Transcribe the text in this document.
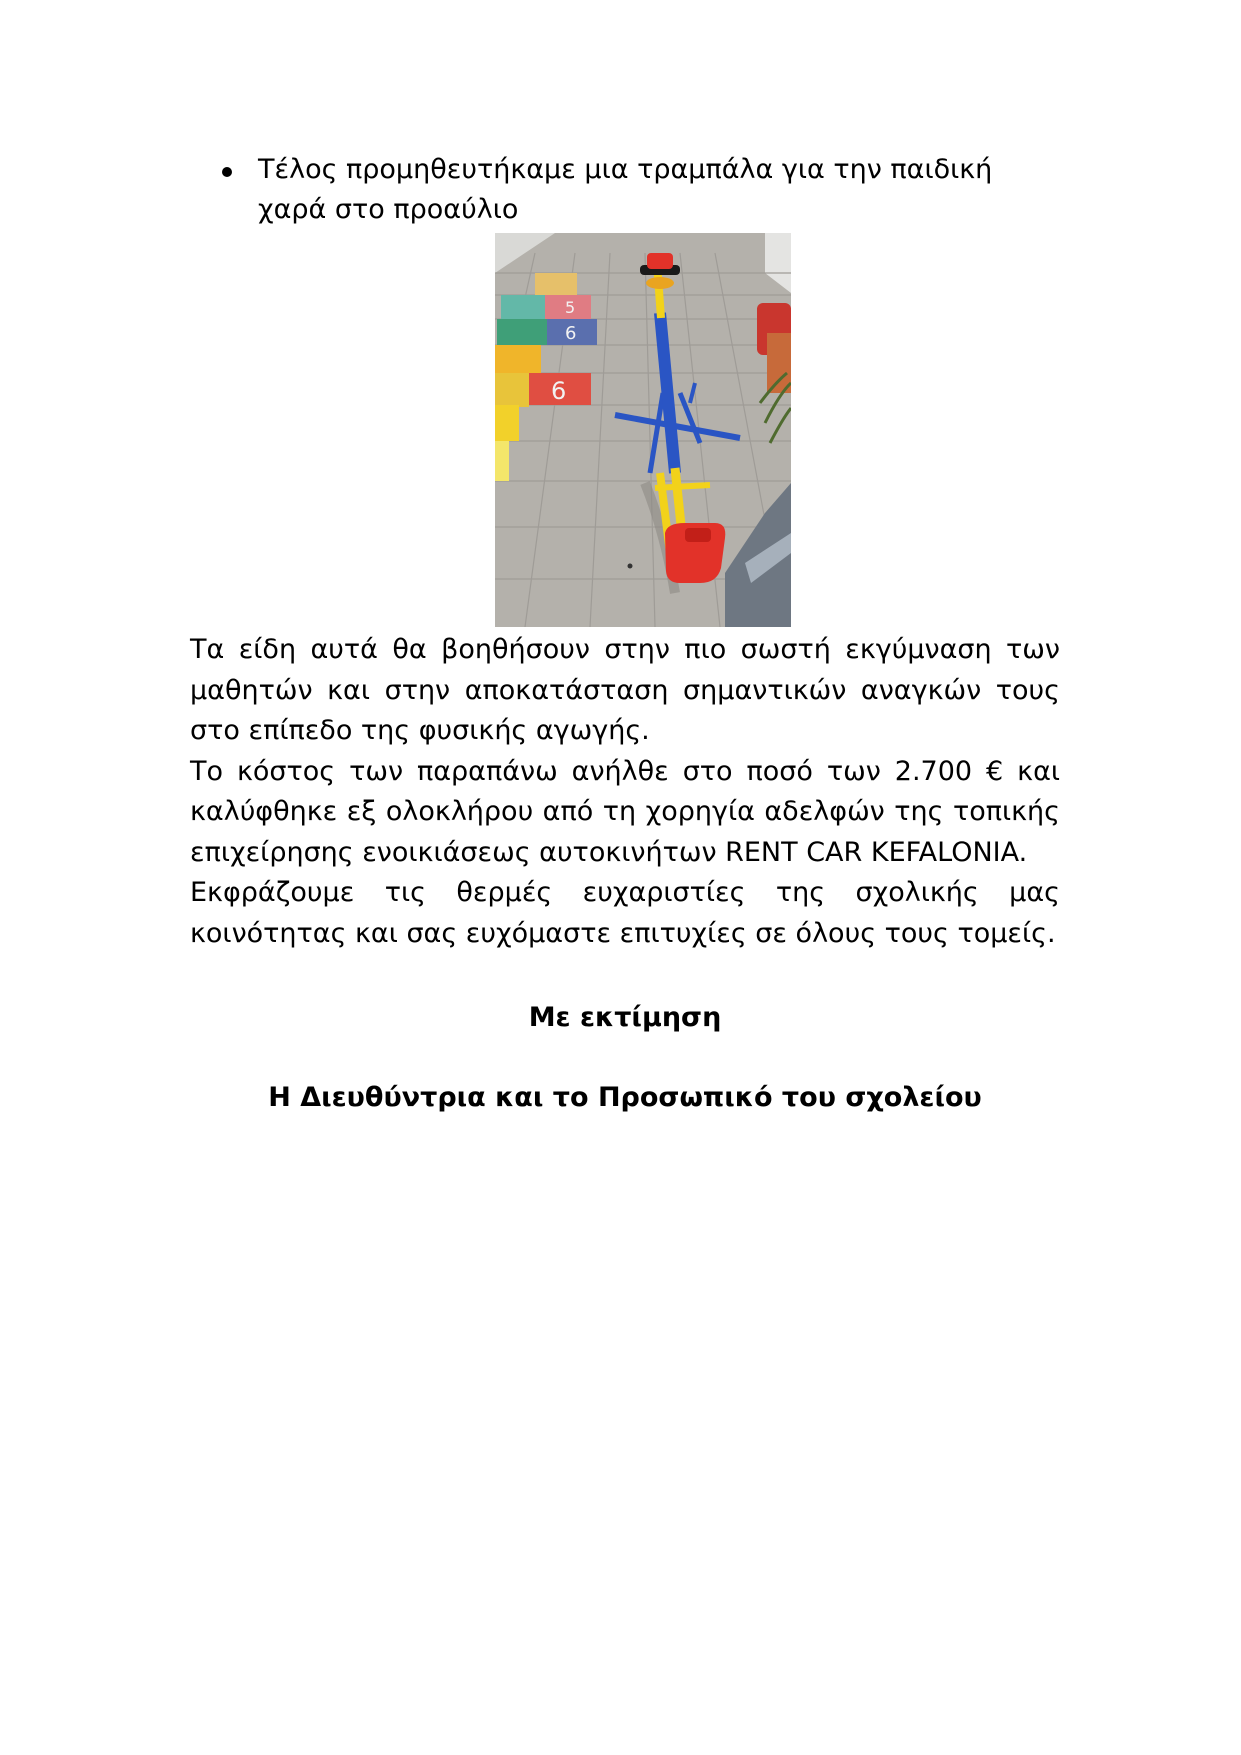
Τέλος προμηθευτήκαμε μια τραμπάλα για την παιδική χαρά στο προαύλιο
5
6
6

Τα είδη αυτά θα βοηθήσουν στην πιο σωστή εκγύμναση των μαθητών και στην αποκατάσταση σημαντικών αναγκών τους στο επίπεδο της φυσικής αγωγής.

Το κόστος των παραπάνω ανήλθε στο ποσό των 2.700 € και καλύφθηκε εξ ολοκλήρου από τη χορηγία αδελφών της τοπικής επιχείρησης ενοικιάσεως αυτοκινήτων RENT CAR KEFALONIA.

Εκφράζουμε τις θερμές ευχαριστίες της σχολικής μας κοινότητας και σας ευχόμαστε επιτυχίες σε όλους τους τομείς.

Με εκτίμηση
Η Διευθύντρια και το Προσωπικό του σχολείου
